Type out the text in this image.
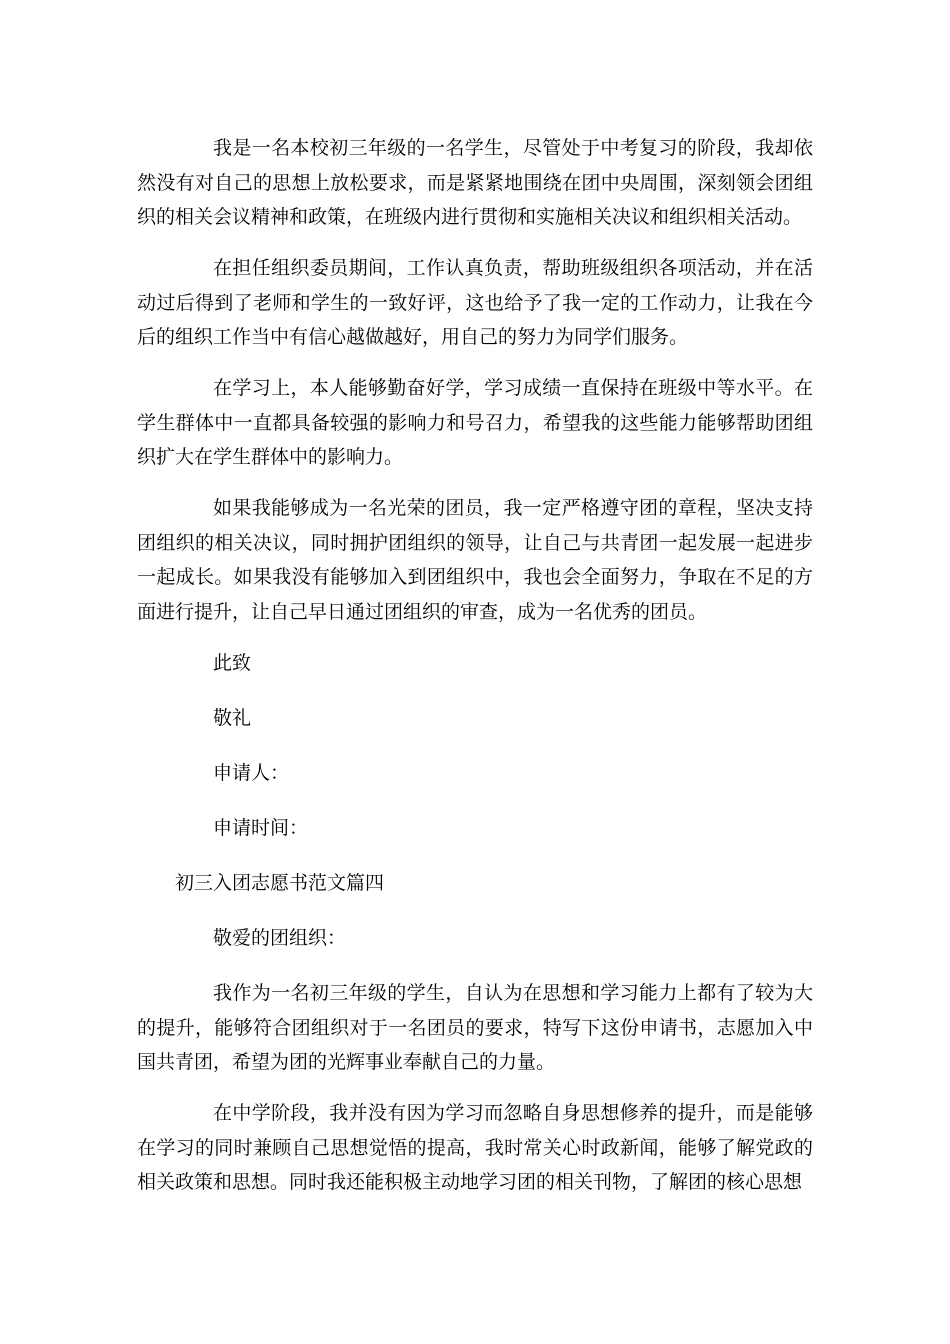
我是一名本校初三年级的一名学生，尽管处于中考复习的阶段，我却依然没有对自己的思想上放松要求，而是紧紧地围绕在团中央周围，深刻领会团组织的相关会议精神和政策，在班级内进行贯彻和实施相关决议和组织相关活动。

在担任组织委员期间，工作认真负责，帮助班级组织各项活动，并在活动过后得到了老师和学生的一致好评，这也给予了我一定的工作动力，让我在今后的组织工作当中有信心越做越好，用自己的努力为同学们服务。

在学习上，本人能够勤奋好学，学习成绩一直保持在班级中等水平。在学生群体中一直都具备较强的影响力和号召力，希望我的这些能力能够帮助团组织扩大在学生群体中的影响力。

如果我能够成为一名光荣的团员，我一定严格遵守团的章程，坚决支持团组织的相关决议，同时拥护团组织的领导，让自己与共青团一起发展一起进步一起成长。如果我没有能够加入到团组织中，我也会全面努力，争取在不足的方面进行提升，让自己早日通过团组织的审查，成为一名优秀的团员。

此致

敬礼

申请人：

申请时间：

初三入团志愿书范文篇四

敬爱的团组织：

我作为一名初三年级的学生，自认为在思想和学习能力上都有了较为大的提升，能够符合团组织对于一名团员的要求，特写下这份申请书，志愿加入中国共青团，希望为团的光辉事业奉献自己的力量。

在中学阶段，我并没有因为学习而忽略自身思想修养的提升，而是能够在学习的同时兼顾自己思想觉悟的提高，我时常关心时政新闻，能够了解党政的相关政策和思想。同时我还能积极主动地学习团的相关刊物，了解团的核心思想
